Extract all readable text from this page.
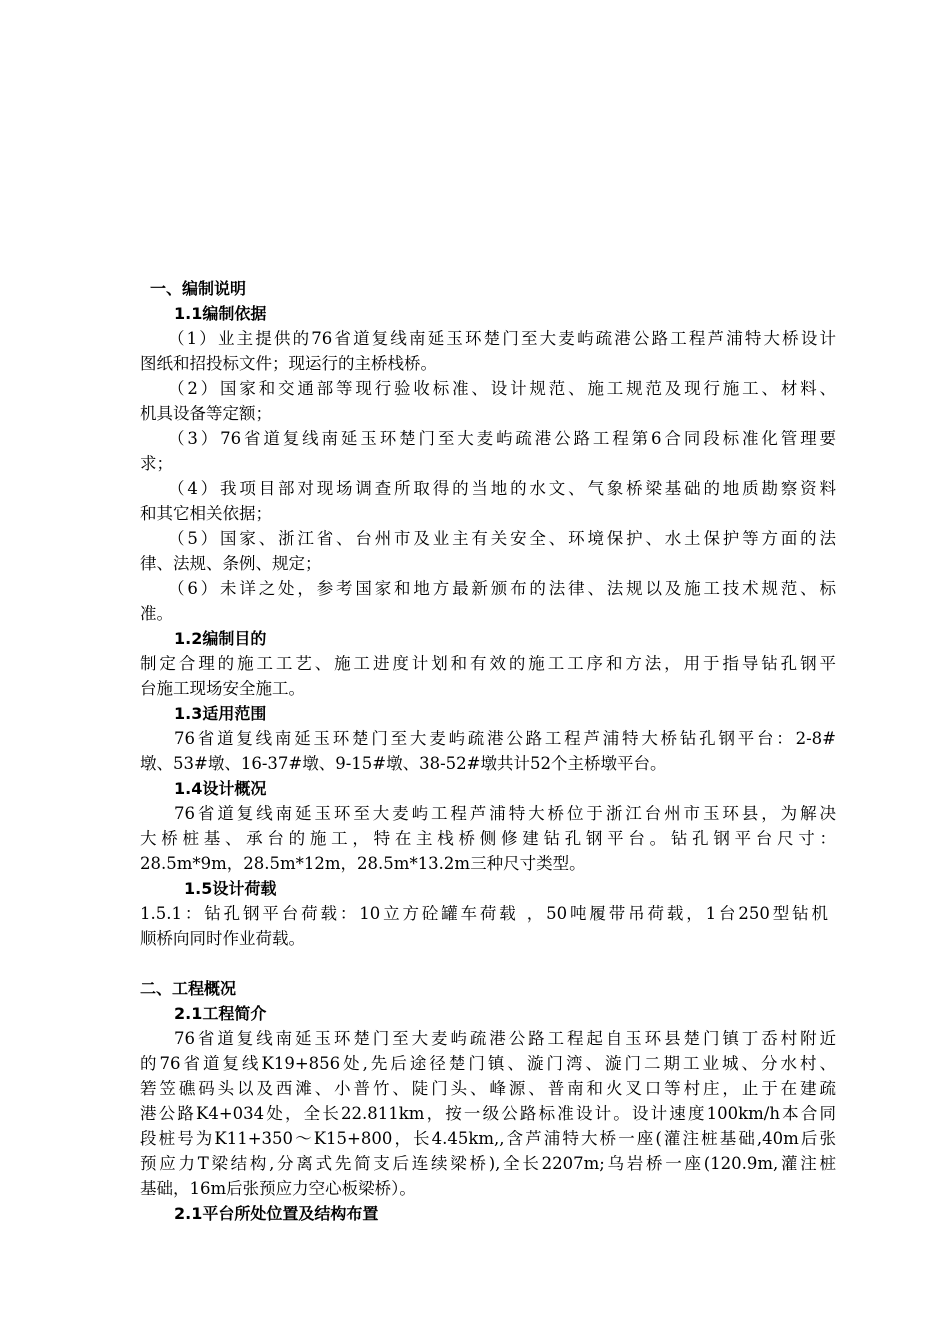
一、编制说明
1.1编制依据
（1）业主提供的76省道复线南延玉环楚门至大麦屿疏港公路工程芦浦特大桥设计
图纸和招投标文件；现运行的主桥栈桥。
（2）国家和交通部等现行验收标准、设计规范、施工规范及现行施工、材料、
机具设备等定额；
（3）76省道复线南延玉环楚门至大麦屿疏港公路工程第6合同段标准化管理要
求；
（4）我项目部对现场调查所取得的当地的水文、气象桥梁基础的地质勘察资料
和其它相关依据；
（5）国家、浙江省、台州市及业主有关安全、环境保护、水土保护等方面的法
律、法规、条例、规定；
（6）未详之处，参考国家和地方最新颁布的法律、法规以及施工技术规范、标
准。
1.2编制目的
制定合理的施工工艺、施工进度计划和有效的施工工序和方法，用于指导钻孔钢平
台施工现场安全施工。
1.3适用范围
76省道复线南延玉环楚门至大麦屿疏港公路工程芦浦特大桥钻孔钢平台：2-8#
墩、53#墩、16-37#墩、9-15#墩、38-52#墩共计52个主桥墩平台。
1.4设计概况
76省道复线南延玉环至大麦屿工程芦浦特大桥位于浙江台州市玉环县，为解决
大桥桩基、承台的施工，特在主栈桥侧修建钻孔钢平台。钻孔钢平台尺寸：
28.5m*9m，28.5m*12m，28.5m*13.2m三种尺寸类型。
1.5设计荷载
1.5.1：钻孔钢平台荷载：10立方砼罐车荷载 ，50吨履带吊荷载，1台250型钻机
顺桥向同时作业荷载。
二、工程概况
2.1工程简介
76省道复线南延玉环楚门至大麦屿疏港公路工程起自玉环县楚门镇丁岙村附近
的76省道复线K19+856处,先后途径楚门镇、漩门湾、漩门二期工业城、分水村、
箬笠礁码头以及西滩、小普竹、陡门头、峰源、普南和火叉口等村庄，止于在建疏
港公路K4+034处，全长22.811km，按一级公路标准设计。设计速度100km/h本合同
段桩号为K11+350～K15+800，长4.45km,,含芦浦特大桥一座(灌注桩基础,40m后张
预应力T梁结构,分离式先简支后连续梁桥),全长2207m;乌岩桥一座(120.9m,灌注桩
基础，16m后张预应力空心板梁桥）。
2.1平台所处位置及结构布置
